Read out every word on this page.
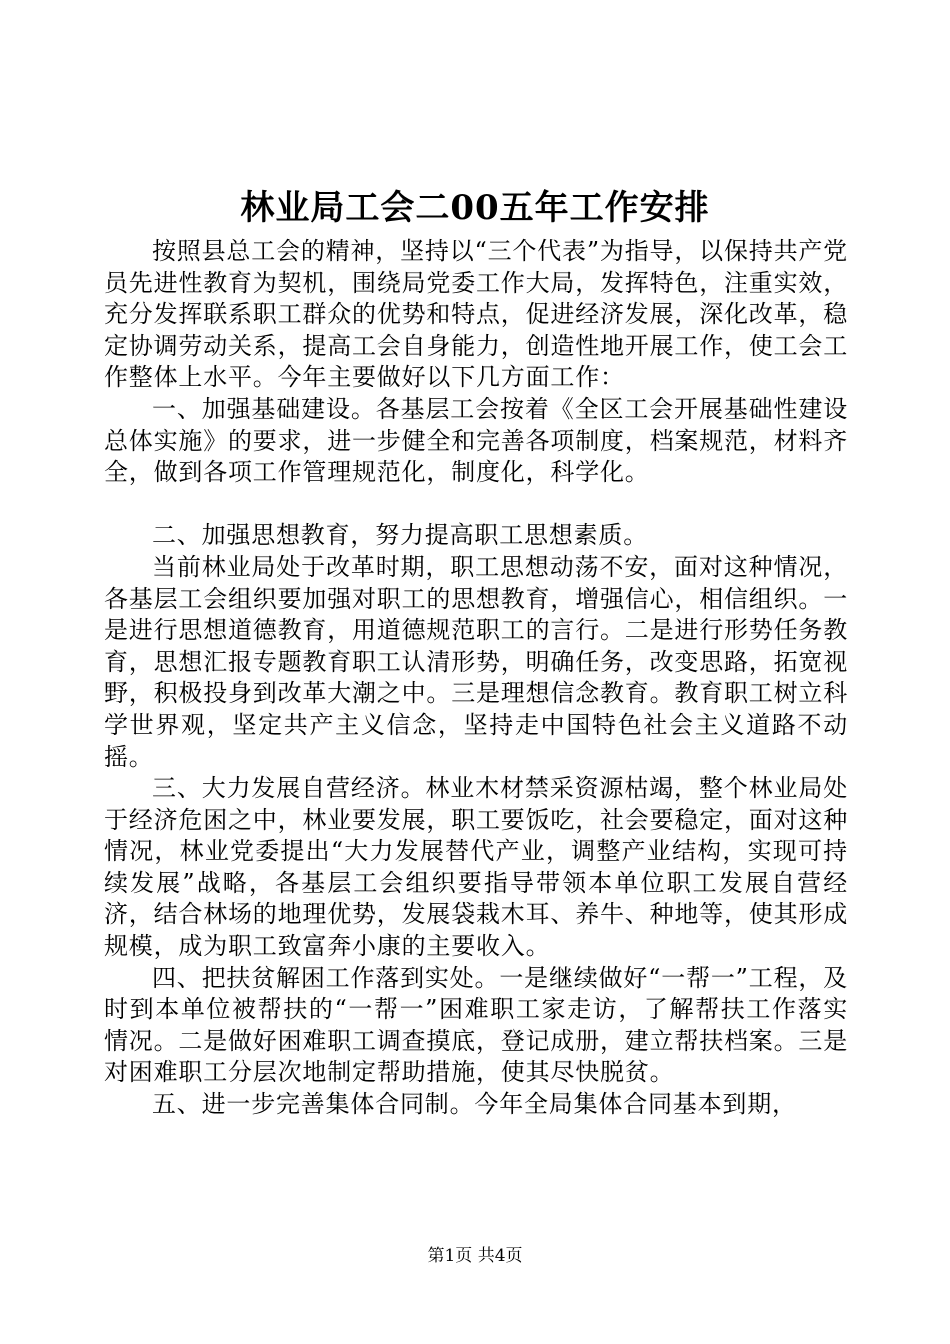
林业局工会二00五年工作安排

按照县总工会的精神，坚持以“三个代表”为指导，以保持共产党员先进性教育为契机，围绕局党委工作大局，发挥特色，注重实效，充分发挥联系职工群众的优势和特点，促进经济发展，深化改革，稳定协调劳动关系，提高工会自身能力，创造性地开展工作，使工会工作整体上水平。今年主要做好以下几方面工作：

一、加强基础建设。各基层工会按着《全区工会开展基础性建设总体实施》的要求，进一步健全和完善各项制度，档案规范，材料齐全，做到各项工作管理规范化，制度化，科学化。

二、加强思想教育，努力提高职工思想素质。

当前林业局处于改革时期，职工思想动荡不安，面对这种情况，各基层工会组织要加强对职工的思想教育，增强信心，相信组织。一是进行思想道德教育，用道德规范职工的言行。二是进行形势任务教育，思想汇报专题教育职工认清形势，明确任务，改变思路，拓宽视野，积极投身到改革大潮之中。三是理想信念教育。教育职工树立科学世界观，坚定共产主义信念，坚持走中国特色社会主义道路不动摇。

三、大力发展自营经济。林业木材禁采资源枯竭，整个林业局处于经济危困之中，林业要发展，职工要饭吃，社会要稳定，面对这种情况，林业党委提出“大力发展替代产业，调整产业结构，实现可持续发展”战略，各基层工会组织要指导带领本单位职工发展自营经济，结合林场的地理优势，发展袋栽木耳、养牛、种地等，使其形成规模，成为职工致富奔小康的主要收入。

四、把扶贫解困工作落到实处。一是继续做好“一帮一”工程，及时到本单位被帮扶的“一帮一”困难职工家走访，了解帮扶工作落实情况。二是做好困难职工调查摸底，登记成册，建立帮扶档案。三是对困难职工分层次地制定帮助措施，使其尽快脱贫。

五、进一步完善集体合同制。今年全局集体合同基本到期，

第1页 共4页
